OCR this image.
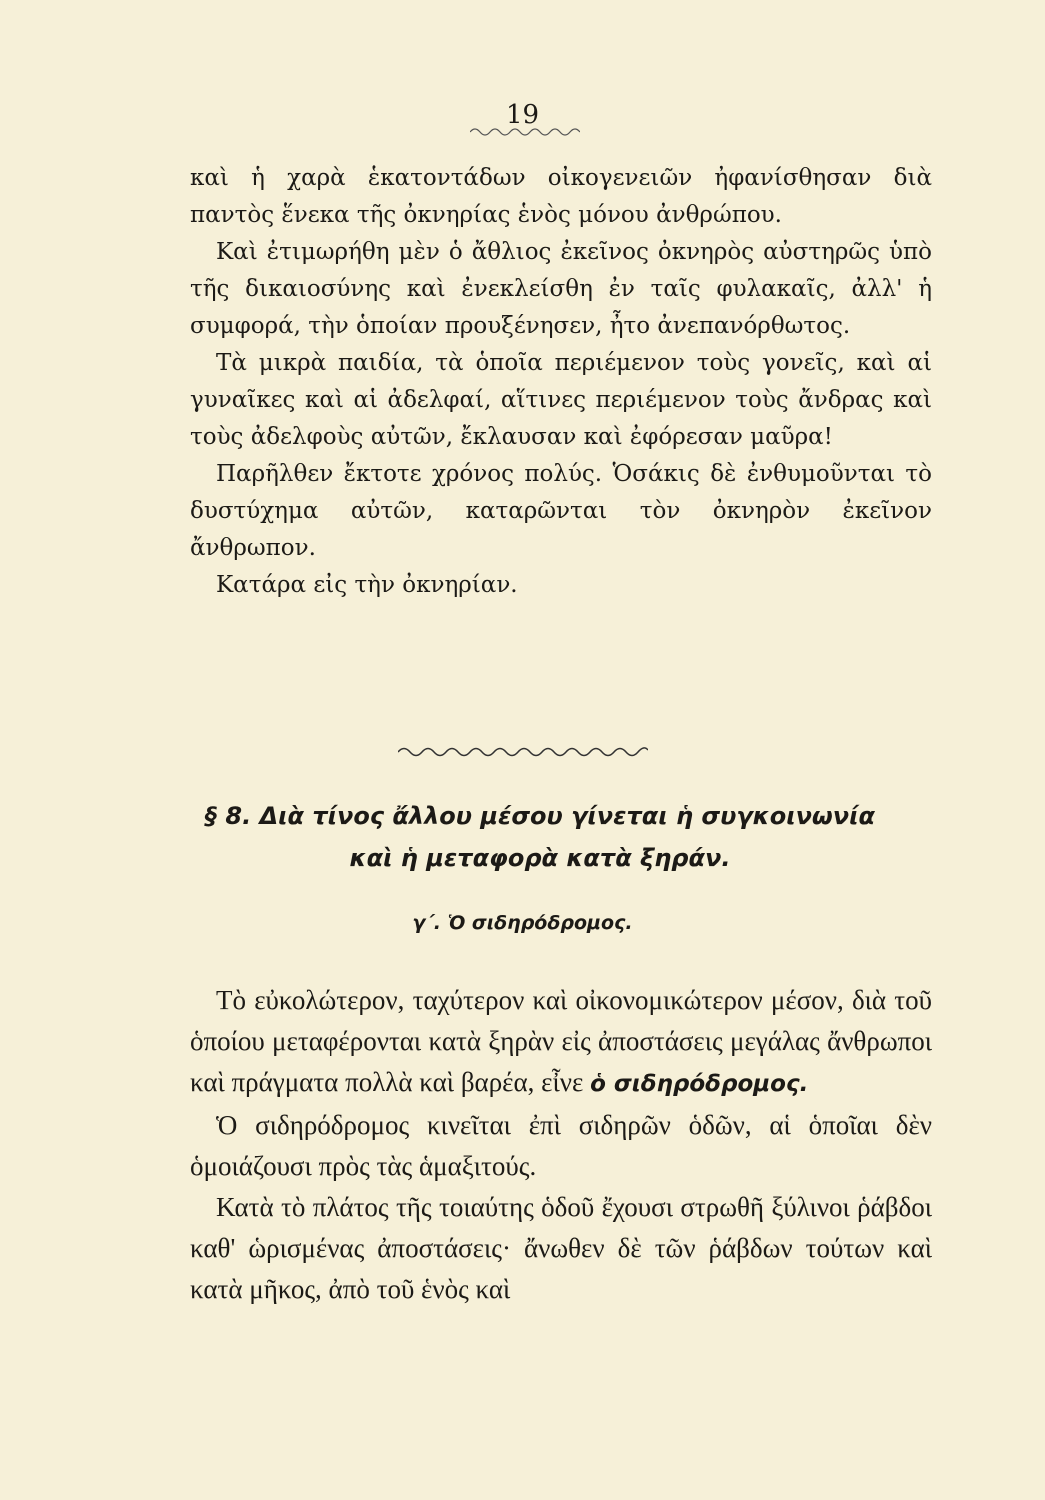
19

καὶ ἡ χαρὰ ἑκατοντάδων οἰκογενειῶν ἠφανίσθησαν διὰ παντὸς ἕνεκα τῆς ὀκνηρίας ἑνὸς μόνου ἀνθρώπου.

Καὶ ἐτιμωρήθη μὲν ὁ ἄθλιος ἐκεῖνος ὀκνηρὸς αὐστηρῶς ὑπὸ τῆς δικαιοσύνης καὶ ἐνεκλείσθη ἐν ταῖς φυλακαῖς, ἀλλ' ἡ συμφορά, τὴν ὁποίαν προυξένησεν, ἦτο ἀνεπανόρθωτος.

Τὰ μικρὰ παιδία, τὰ ὁποῖα περιέμενον τοὺς γονεῖς, καὶ αἱ γυναῖκες καὶ αἱ ἀδελφαί, αἵτινες περιέμενον τοὺς ἄνδρας καὶ τοὺς ἀδελφοὺς αὐτῶν, ἔκλαυσαν καὶ ἐφόρεσαν μαῦρα!

Παρῆλθεν ἔκτοτε χρόνος πολύς. Ὁσάκις δὲ ἐνθυμοῦνται τὸ δυστύχημα αὐτῶν, καταρῶνται τὸν ὀκνηρὸν ἐκεῖνον ἄνθρωπον.

Κατάρα εἰς τὴν ὀκνηρίαν.

§ 8. Διὰ τίνος ἄλλου μέσου γίνεται ἡ συγκοινωνία
καὶ ἡ μεταφορὰ κατὰ ξηράν.
γ΄. Ὁ σιδηρόδρομος.

Τὸ εὐκολώτερον, ταχύτερον καὶ οἰκονομικώτερον μέσον, διὰ τοῦ ὁποίου μεταφέρονται κατὰ ξηρὰν εἰς ἀποστάσεις μεγάλας ἄνθρωποι καὶ πράγματα πολλὰ καὶ βαρέα, εἶνε ὁ σιδηρόδρομος.

Ὁ σιδηρόδρομος κινεῖται ἐπὶ σιδηρῶν ὁδῶν, αἱ ὁποῖαι δὲν ὁμοιάζουσι πρὸς τὰς ἁμαξιτούς.

Κατὰ τὸ πλάτος τῆς τοιαύτης ὁδοῦ ἔχουσι στρωθῆ ξύλινοι ῥάβδοι καθ' ὡρισμένας ἀποστάσεις· ἄνωθεν δὲ τῶν ῥάβδων τούτων καὶ κατὰ μῆκος, ἀπὸ τοῦ ἑνὸς καὶ
